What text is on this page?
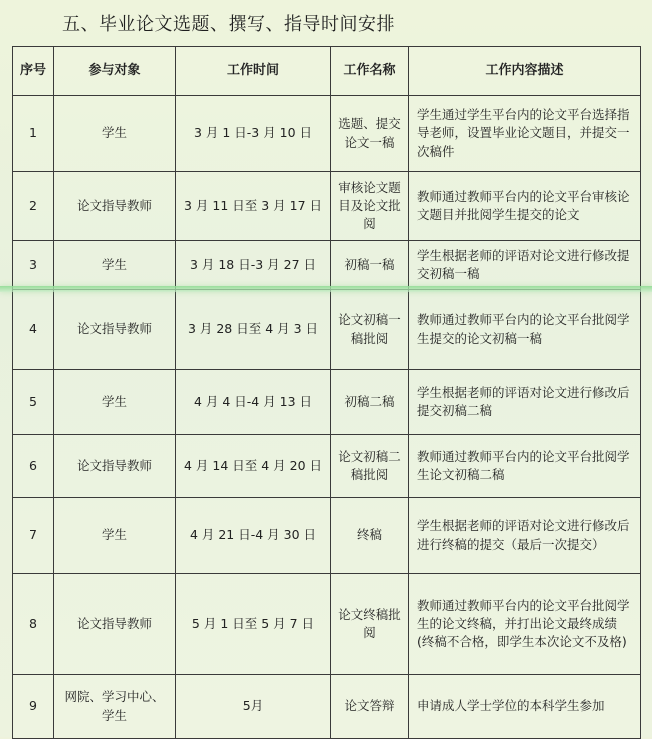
五、毕业论文选题、撰写、指导时间安排
序号	参与对象	工作时间	工作名称	工作内容描述
1	学生	3 月 1 日-3 月 10 日	选题、提交论文一稿	学生通过学生平台内的论文平台选择指导老师，设置毕业论文题目，并提交一次稿件
2	论文指导教师	3 月 11 日至 3 月 17 日	审核论文题目及论文批阅	教师通过教师平台内的论文平台审核论文题目并批阅学生提交的论文
3	学生	3 月 18 日-3 月 27 日	初稿一稿	学生根据老师的评语对论文进行修改提交初稿一稿
4	论文指导教师	3 月 28 日至 4 月 3 日	论文初稿一稿批阅	教师通过教师平台内的论文平台批阅学生提交的论文初稿一稿
5	学生	4 月 4 日-4 月 13 日	初稿二稿	学生根据老师的评语对论文进行修改后提交初稿二稿
6	论文指导教师	4 月 14 日至 4 月 20 日	论文初稿二稿批阅	教师通过教师平台内的论文平台批阅学生论文初稿二稿
7	学生	4 月 21 日-4 月 30 日	终稿	学生根据老师的评语对论文进行修改后进行终稿的提交（最后一次提交）
8	论文指导教师	5 月 1 日至 5 月 7 日	论文终稿批阅	教师通过教师平台内的论文平台批阅学生的论文终稿，并打出论文最终成绩(终稿不合格，即学生本次论文不及格)
9	网院、学习中心、学生	5月	论文答辩	申请成人学士学位的本科学生参加
